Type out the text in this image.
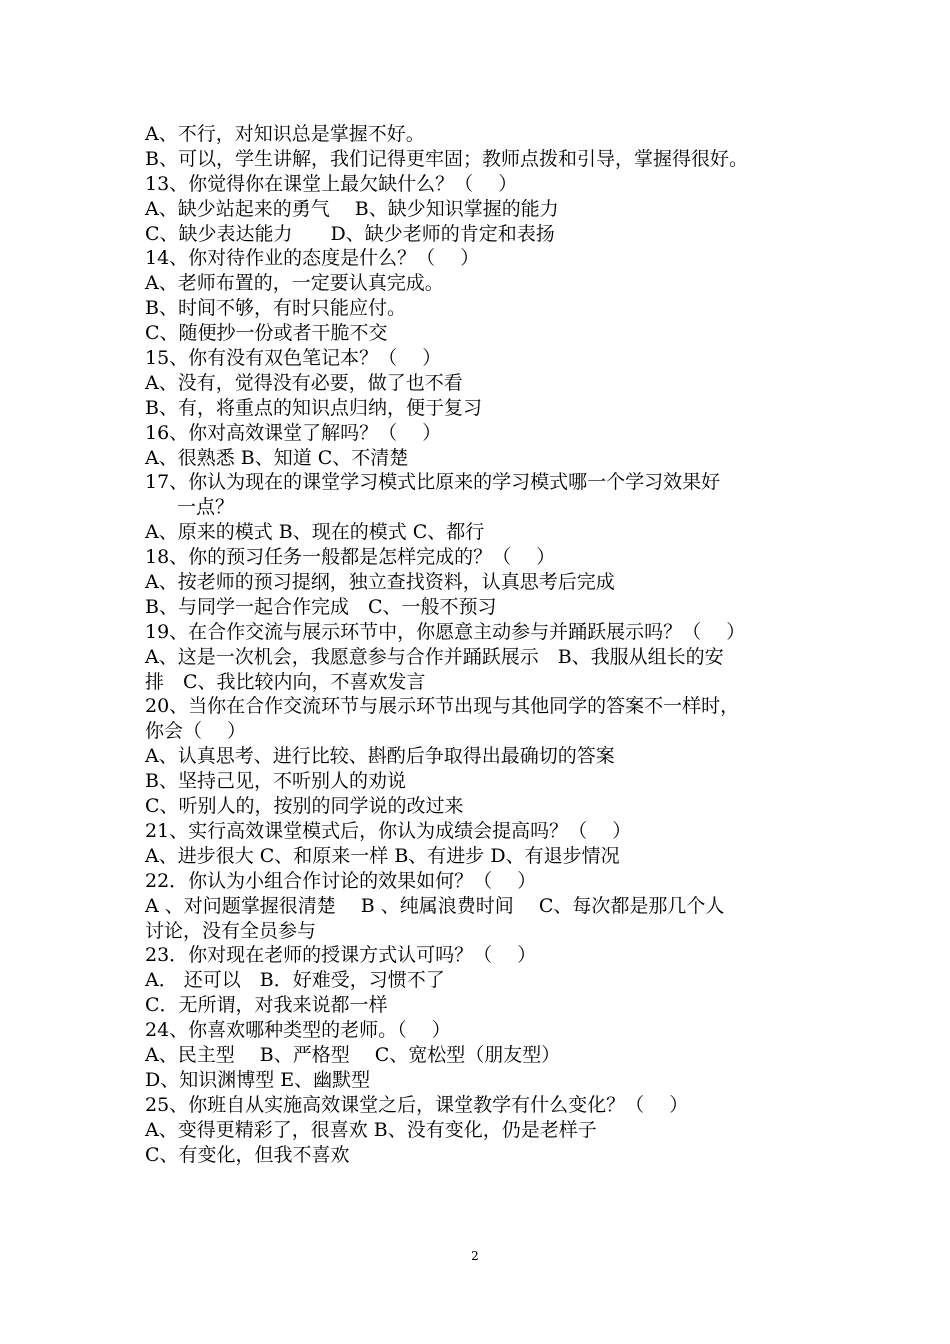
A、不行，对知识总是掌握不好。
B、可以，学生讲解，我们记得更牢固；教师点拨和引导，掌握得很好。
13、你觉得你在课堂上最欠缺什么？（　 ）
A、缺少站起来的勇气　 B、缺少知识掌握的能力
C、缺少表达能力　　D、缺少老师的肯定和表扬
14、你对待作业的态度是什么？（　 ）
A、老师布置的，一定要认真完成。
B、时间不够，有时只能应付。
C、随便抄一份或者干脆不交
15、你有没有双色笔记本？（　 ）
A、没有，觉得没有必要，做了也不看
B、有，将重点的知识点归纳，便于复习
16、你对高效课堂了解吗？（　 ）
A、很熟悉 B、知道 C、不清楚
17、你认为现在的课堂学习模式比原来的学习模式哪一个学习效果好
一点？
A、原来的模式 B、现在的模式 C、都行
18、你的预习任务一般都是怎样完成的？（　 ）
A、按老师的预习提纲，独立查找资料，认真思考后完成
B、与同学一起合作完成　C、一般不预习
19、在合作交流与展示环节中，你愿意主动参与并踊跃展示吗？（　 ）
A、这是一次机会，我愿意参与合作并踊跃展示　B、我服从组长的安
排　C、我比较内向，不喜欢发言
20、当你在合作交流环节与展示环节出现与其他同学的答案不一样时，
你会（　 ）
A、认真思考、进行比较、斟酌后争取得出最确切的答案
B、坚持己见，不听别人的劝说
C、听别人的，按别的同学说的改过来
21、实行高效课堂模式后，你认为成绩会提高吗？（　 ）
A、进步很大 C、和原来一样 B、有进步 D、有退步情况
22．你认为小组合作讨论的效果如何？（　 ）
A 、对问题掌握很清楚　 B 、纯属浪费时间　 C、每次都是那几个人
讨论，没有全员参与
23．你对现在老师的授课方式认可吗？（　 ）
A． 还可以　B．好难受，习惯不了
C．无所谓，对我来说都一样
24、你喜欢哪种类型的老师。（　 ）
A、民主型　 B、严格型　 C、宽松型（朋友型）
D、知识渊博型 E、幽默型
25、你班自从实施高效课堂之后，课堂教学有什么变化？（　 ）
A、变得更精彩了，很喜欢 B、没有变化，仍是老样子
C、有变化，但我不喜欢
2
